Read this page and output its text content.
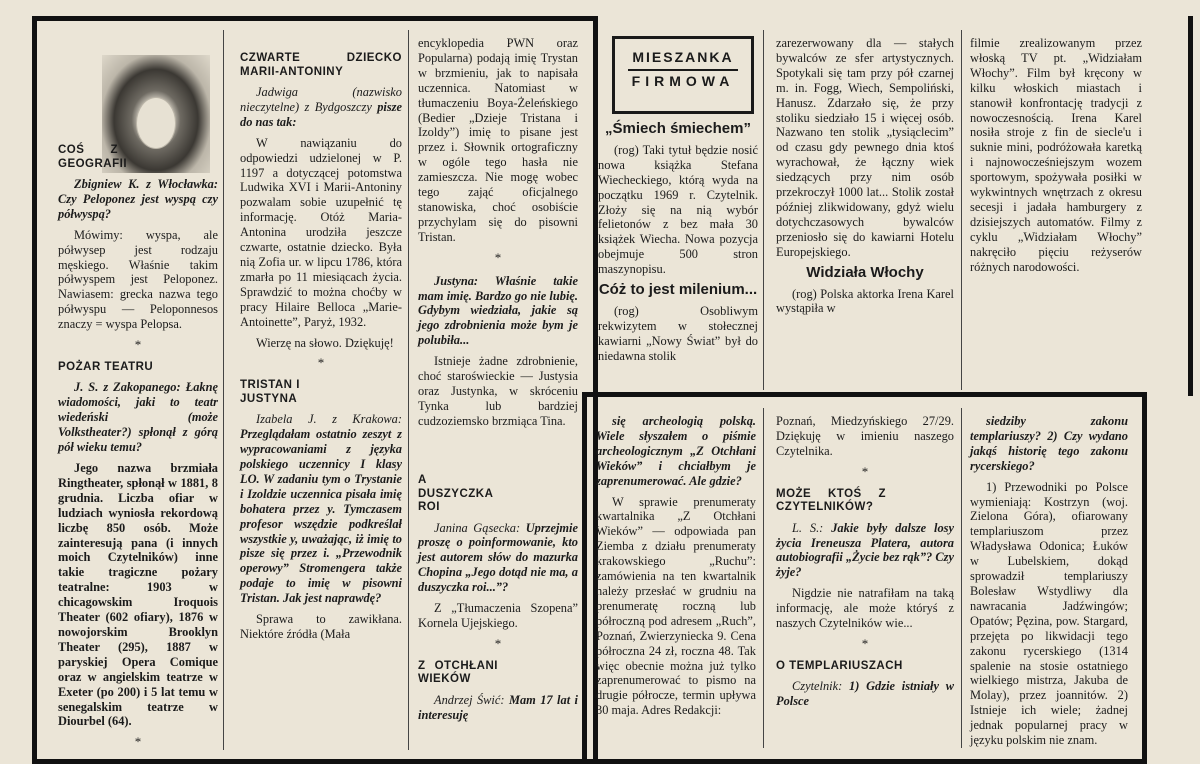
COŚ Z GEOGRAFII

Zbigniew K. z Włocławka: Czy Peloponez jest wyspą czy półwyspą?

Mówimy: wyspa, ale półwysep jest rodzaju męskiego. Właśnie takim półwyspem jest Peloponez. Nawiasem: grecka nazwa tego półwyspu — Peloponnesos znaczy = wyspa Pelopsa.

*
POŻAR TEATRU

J. S. z Zakopanego: Łaknę wiadomości, jaki to teatr wiedeński (może Volkstheater?) spłonął z górą pół wieku temu?

Jego nazwa brzmiała Ringtheater, spłonął w 1881, 8 grudnia. Liczba ofiar w ludziach wyniosła rekordową liczbę 850 osób. Może zainteresują pana (i innych moich Czytelników) inne takie tragiczne pożary teatralne: 1903 w chicagowskim Iroquois Theater (602 ofiary), 1876 w nowojorskim Brooklyn Theater (295), 1887 w paryskiej Opera Comique oraz w angielskim teatrze w Exeter (po 200) i 5 lat temu w senegalskim teatrze w Diourbel (64).

*
CZWARTE DZIECKO MARII-ANTONINY

Jadwiga (nazwisko nieczytelne) z Bydgoszczy pisze do nas tak:

W nawiązaniu do odpowiedzi udzielonej w P. 1197 a dotyczącej potomstwa Ludwika XVI i Marii-Antoniny pozwalam sobie uzupełnić tę informację. Otóż Maria-Antonina urodziła jeszcze czwarte, ostatnie dziecko. Była nią Zofia ur. w lipcu 1786, która zmarła po 11 miesiącach życia. Sprawdzić to można choćby w pracy Hilaire Belloca „Marie-Antoinette”, Paryż, 1932.

Wierzę na słowo. Dziękuję!

*
TRISTAN I JUSTYNA

Izabela J. z Krakowa: Przeglądałam ostatnio zeszyt z wypracowaniami z języka polskiego uczennicy I klasy LO. W zadaniu tym o Trystanie i Izoldzie uczennica pisała imię bohatera przez y. Tymczasem profesor wszędzie podkreślał wszystkie y, uważając, iż imię to pisze się przez i. „Przewodnik operowy” Stromengera także podaje to imię w pisowni Tristan. Jak jest naprawdę?

Sprawa to zawikłana. Niektóre źródła (Mała

encyklopedia PWN oraz Popularna) podają imię Trystan w brzmieniu, jak to napisała uczennica. Natomiast w tłumaczeniu Boya-Żeleńskiego (Bedier „Dzieje Tristana i Izoldy”) imię to pisane jest przez i. Słownik ortograficzny w ogóle tego hasła nie zamieszcza. Nie mogę wobec tego zająć oficjalnego stanowiska, choć osobiście przychylam się do pisowni Tristan.

*

Justyna: Właśnie takie mam imię. Bardzo go nie lubię. Gdybym wiedziała, jakie są jego zdrobnienia może bym je polubiła...

Istnieje żadne zdrobnienie, choć staroświeckie — Justysia oraz Justynka, w skróceniu Tynka lub bardziej cudzoziemsko brzmiąca Tina.

A DUSZYCZKA ROI

Janina Gąsecka: Uprzejmie proszę o poinformowanie, kto jest autorem słów do mazurka Chopina „Jego dotąd nie ma, a duszyczka roi...”?

Z „Tłumaczenia Szopena” Kornela Ujejskiego.

*
Z OTCHŁANI WIEKÓW

Andrzej Świć: Mam 17 lat i interesuję

MIESZANKA
FIRMOWA
„Śmiech śmiechem”

(rog) Taki tytuł będzie nosić nowa książka Stefana Wiecheckiego, którą wyda na początku 1969 r. Czytelnik. Złoży się na nią wybór felietonów z bez mała 30 książek Wiecha. Nowa pozycja obejmuje 500 stron maszynopisu.

Cóż to jest milenium...

(rog) Osobliwym rekwizytem w stołecznej kawiarni „Nowy Świat” był do niedawna stolik

zarezerwowany dla — stałych bywalców ze sfer artystycznych. Spotykali się tam przy pół czarnej m. in. Fogg, Wiech, Sempoliński, Hanusz. Zdarzało się, że przy stoliku siedziało 15 i więcej osób. Nazwano ten stolik „tysiąclecim” od czasu gdy pewnego dnia ktoś wyrachował, że łączny wiek siedzących przy nim osób przekroczył 1000 lat... Stolik został później zlikwidowany, gdyż wielu dotychczasowych bywalców przeniosło się do kawiarni Hotelu Europejskiego.

Widziała Włochy

(rog) Polska aktorka Irena Karel wystąpiła w

filmie zrealizowanym przez włoską TV pt. „Widziałam Włochy”. Film był kręcony w kilku włoskich miastach i stanowił konfrontację tradycji z nowoczesnością. Irena Karel nosiła stroje z fin de siecle'u i suknie mini, podróżowała karetką i najnowocześniejszym wozem sportowym, spożywała posiłki w wykwintnych wnętrzach z okresu secesji i jadała hamburgery z dzisiejszych automatów. Filmy z cyklu „Widziałam Włochy” nakręciło pięciu reżyserów różnych narodowości.

się archeologią polską. Wiele słyszałem o piśmie archeologicznym „Z Otchłani Wieków” i chciałbym je zaprenumerować. Ale gdzie?

W sprawie prenumeraty kwartalnika „Z Otchłani Wieków” — odpowiada pan Ziemba z działu prenumeraty krakowskiego „Ruchu”: zamówienia na ten kwartalnik należy przesłać w grudniu na prenumeratę roczną lub półroczną pod adresem „Ruch”, Poznań, Zwierzyniecka 9. Cena półroczna 24 zł, roczna 48. Tak więc obecnie można już tylko zaprenumerować to pismo na drugie półrocze, termin upływa 30 maja. Adres Redakcji:

Poznań, Miedzyńskiego 27/29. Dziękuję w imieniu naszego Czytelnika.

*
MOŻE KTOŚ Z CZYTELNIKÓW?

L. S.: Jakie były dalsze losy życia Ireneusza Platera, autora autobiografii „Życie bez rąk”? Czy żyje?

Nigdzie nie natrafiłam na taką informację, ale może któryś z naszych Czytelników wie...

*
O TEMPLARIUSZACH

Czytelnik: 1) Gdzie istniały w Polsce

siedziby zakonu templariuszy? 2) Czy wydano jakąś historię tego zakonu rycerskiego?

1) Przewodniki po Polsce wymieniają: Kostrzyn (woj. Zielona Góra), ofiarowany templariuszom przez Władysława Odonica; Łuków w Lubelskiem, dokąd sprowadził templariuszy Bolesław Wstydliwy dla nawracania Jadźwingów; Opatów; Pęzina, pow. Stargard, przejęta po likwidacji tego zakonu rycerskiego (1314 spalenie na stosie ostatniego wielkiego mistrza, Jakuba de Molay), przez joannitów. 2) Istnieje ich wiele; żadnej jednak popularnej pracy w języku polskim nie znam.
